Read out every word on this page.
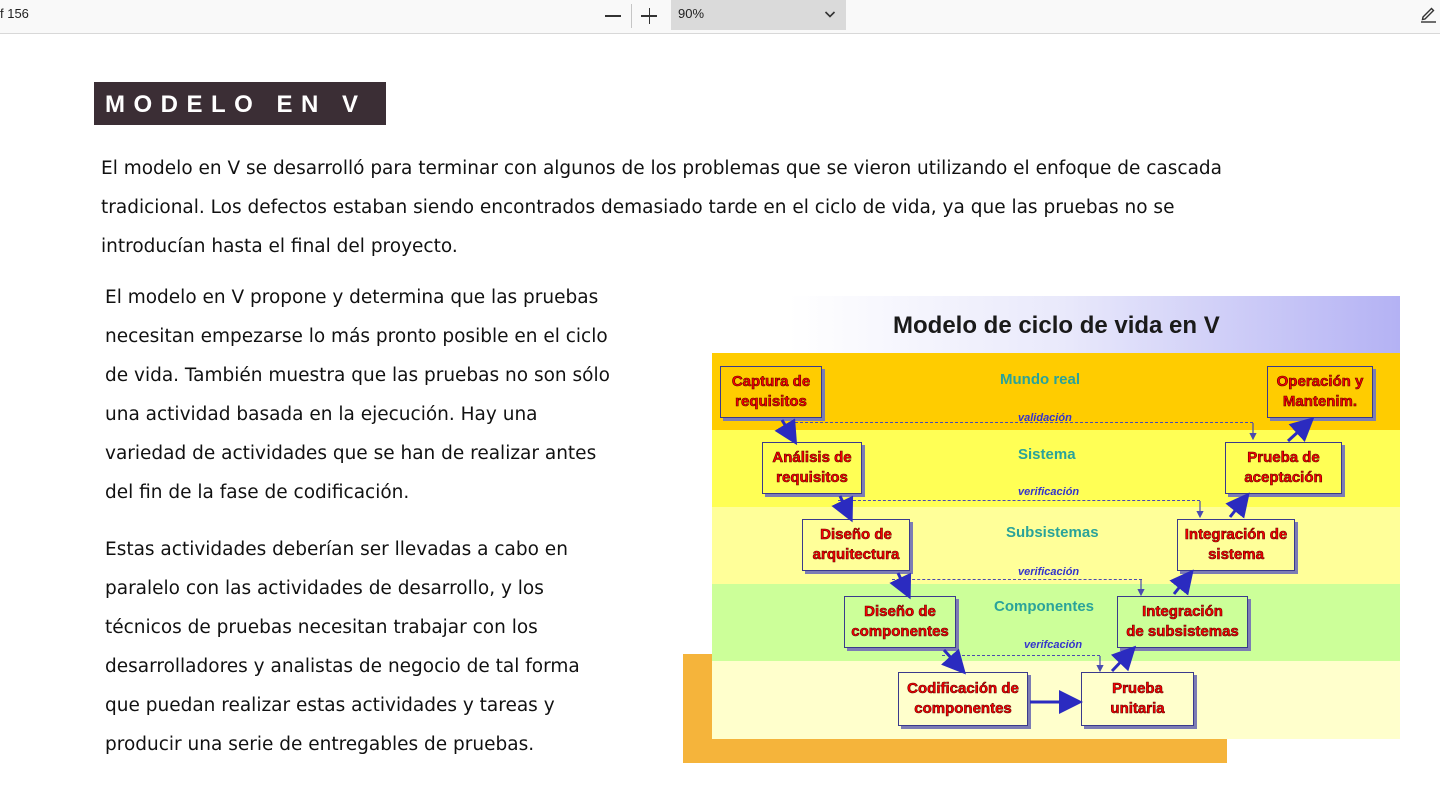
f 156	90%
MODELO EN V
El modelo en V se desarrolló para terminar con algunos de los problemas que se vieron utilizando el enfoque de cascada
tradicional. Los defectos estaban siendo encontrados demasiado tarde en el ciclo de vida, ya que las pruebas no se
introducían hasta el final del proyecto.
El modelo en V propone y determina que las pruebas
necesitan empezarse lo más pronto posible en el ciclo
de vida. También muestra que las pruebas no son sólo
una actividad basada en la ejecución. Hay una
variedad de actividades que se han de realizar antes
del fin de la fase de codificación.
Estas actividades deberían ser llevadas a cabo en
paralelo con las actividades de desarrollo, y los
técnicos de pruebas necesitan trabajar con los
desarrolladores y analistas de negocio de tal forma
que puedan realizar estas actividades y tareas y
producir una serie de entregables de pruebas.
Modelo de ciclo de vida en V
Mundo real
Sistema
Subsistemas
Componentes
validación
verificación
verificación
verifcación
Captura de
requisitos
Análisis de
requisitos
Diseño de
arquitectura
Diseño de
componentes
Codificación de
componentes
Operación y
Mantenim.
Prueba de
aceptación
Integración de
sistema
Integración
de subsistemas
Prueba
unitaria
